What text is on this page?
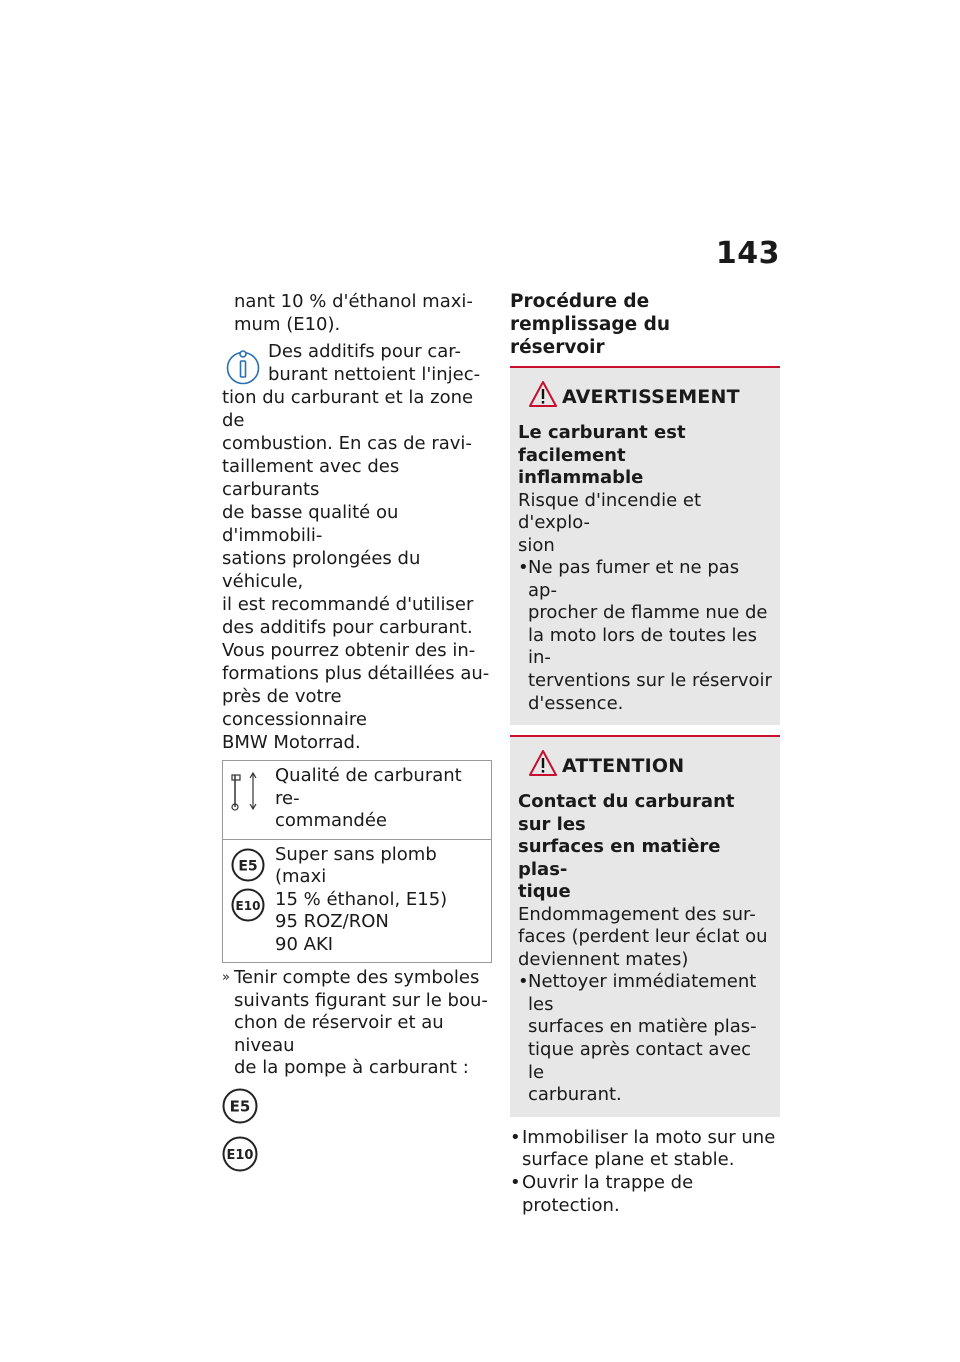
143
nant 10 % d'éthanol maxi-
mum (E10).
Des additifs pour car-
burant nettoient l'injec-
tion du carburant et la zone de
combustion. En cas de ravi-
taillement avec des carburants
de basse qualité ou d'immobili-
sations prolongées du véhicule,
il est recommandé d'utiliser
des additifs pour carburant.
Vous pourrez obtenir des in-
formations plus détaillées au-
près de votre concessionnaire
BMW Motorrad.
Qualité de carburant re-
commandée
E5
E10
Super sans plomb (maxi
15 % éthanol, E15)
95 ROZ/RON
90 AKI
» Tenir compte des symboles
suivants figurant sur le bou-
chon de réservoir et au niveau
de la pompe à carburant :
E5
E10
Procédure de remplissage du
réservoir
AVERTISSEMENT
Le carburant est facilement
inflammable
Risque d'incendie et d'explo-
sion
• Ne pas fumer et ne pas ap-
procher de flamme nue de
la moto lors de toutes les in-
terventions sur le réservoir
d'essence.
ATTENTION
Contact du carburant sur les
surfaces en matière plas-
tique
Endommagement des sur-
faces (perdent leur éclat ou
deviennent mates)
• Nettoyer immédiatement les
surfaces en matière plas-
tique après contact avec le
carburant.
• Immobiliser la moto sur une
surface plane et stable.
• Ouvrir la trappe de protection.
